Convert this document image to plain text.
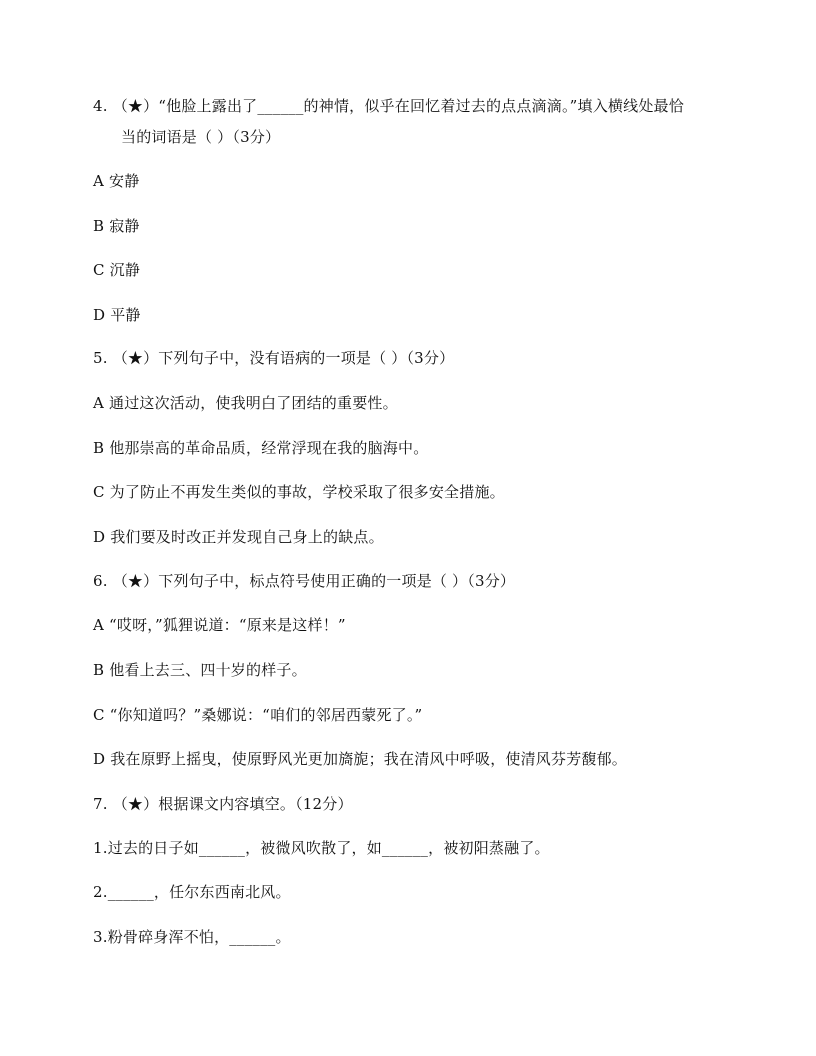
4. （★）“他脸上露出了______的神情，似乎在回忆着过去的点点滴滴。”填入横线处最恰
当的词语是（ ）（3分）
A 安静
B 寂静
C 沉静
D 平静
5. （★）下列句子中，没有语病的一项是（ ）（3分）
A 通过这次活动，使我明白了团结的重要性。
B 他那崇高的革命品质，经常浮现在我的脑海中。
C 为了防止不再发生类似的事故，学校采取了很多安全措施。
D 我们要及时改正并发现自己身上的缺点。
6. （★）下列句子中，标点符号使用正确的一项是（ ）（3分）
A “哎呀，”狐狸说道：“原来是这样！”
B 他看上去三、四十岁的样子。
C “你知道吗？”桑娜说：“咱们的邻居西蒙死了。”
D 我在原野上摇曳，使原野风光更加旖旎；我在清风中呼吸，使清风芬芳馥郁。
7. （★）根据课文内容填空。（12分）
1.过去的日子如______，被微风吹散了，如______，被初阳蒸融了。
2.______，任尔东西南北风。
3.粉骨碎身浑不怕，______。
